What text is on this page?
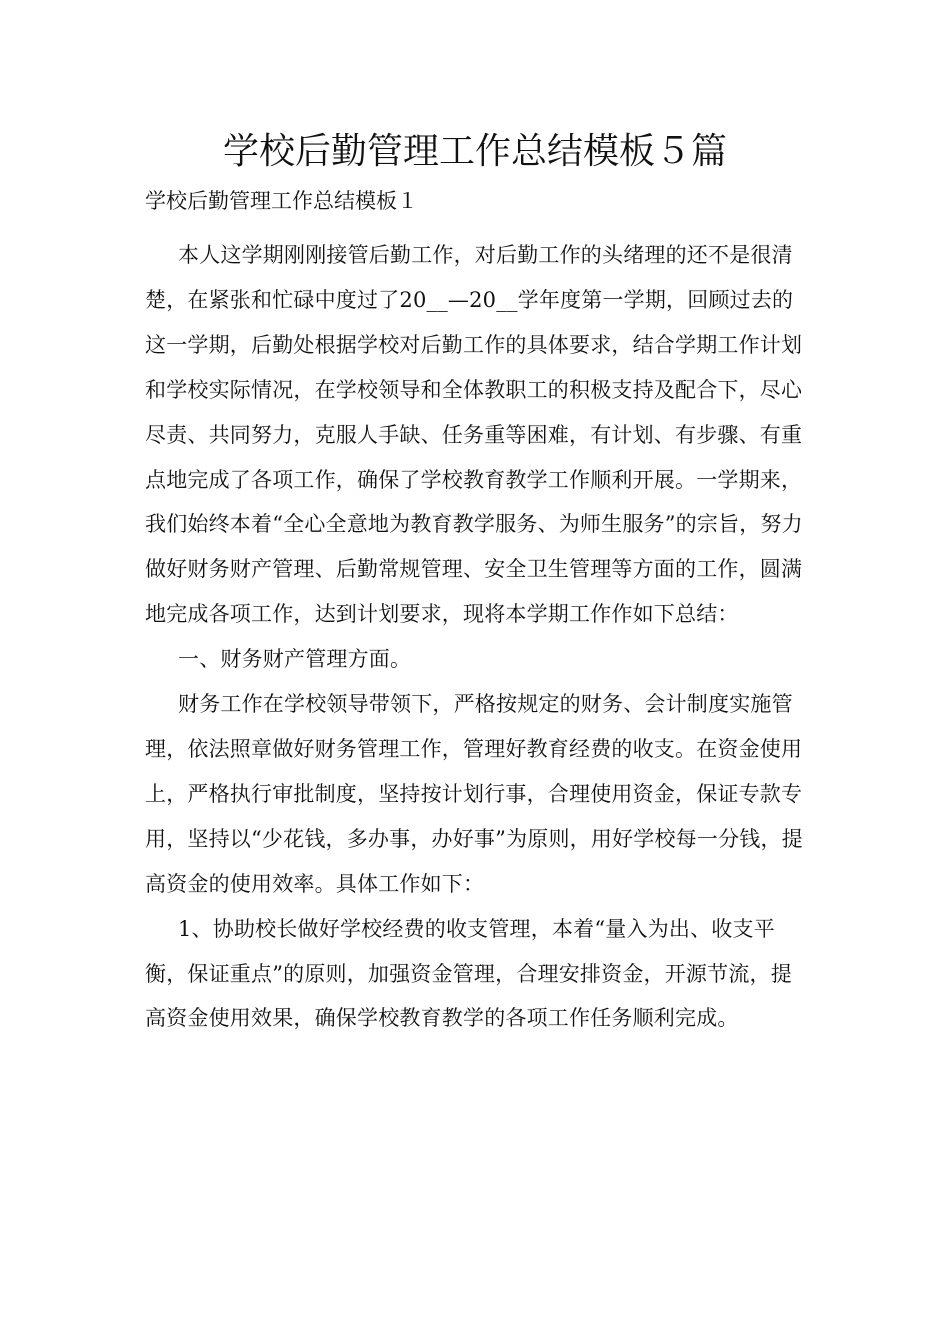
学校后勤管理工作总结模板５篇
学校后勤管理工作总结模板１

本人这学期刚刚接管后勤工作，对后勤工作的头绪理的还不是很清楚，在紧张和忙碌中度过了20__—20__学年度第一学期，回顾过去的这一学期，后勤处根据学校对后勤工作的具体要求，结合学期工作计划和学校实际情况，在学校领导和全体教职工的积极支持及配合下，尽心尽责、共同努力，克服人手缺、任务重等困难，有计划、有步骤、有重点地完成了各项工作，确保了学校教育教学工作顺利开展。一学期来，我们始终本着“全心全意地为教育教学服务、为师生服务”的宗旨，努力做好财务财产管理、后勤常规管理、安全卫生管理等方面的工作，圆满地完成各项工作，达到计划要求，现将本学期工作作如下总结：

一、财务财产管理方面。

财务工作在学校领导带领下，严格按规定的财务、会计制度实施管理，依法照章做好财务管理工作，管理好教育经费的收支。在资金使用上，严格执行审批制度，坚持按计划行事，合理使用资金，保证专款专用，坚持以“少花钱，多办事，办好事”为原则，用好学校每一分钱，提高资金的使用效率。具体工作如下：

1、协助校长做好学校经费的收支管理，本着“量入为出、收支平衡，保证重点”的原则，加强资金管理，合理安排资金，开源节流，提高资金使用效果，确保学校教育教学的各项工作任务顺利完成。
